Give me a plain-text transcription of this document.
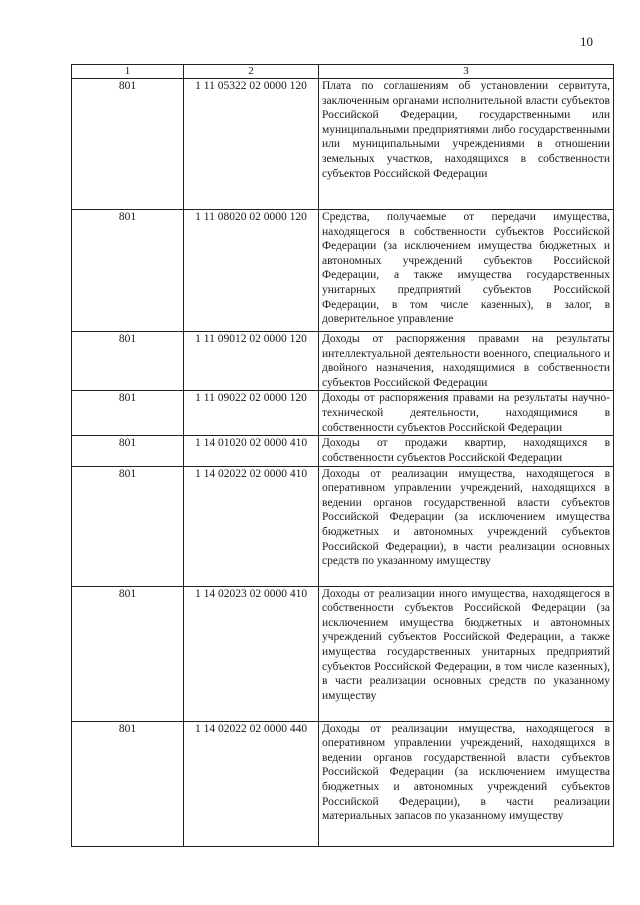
10
1	2	3
801	1 11 05322 02 0000 120	Плата по соглашениям об установлении сервитута, заключенным органами исполнительной власти субъектов Российской Федерации, государственными или муниципальными предприятиями либо государственными или муниципальными учреждениями в отношении земельных участков, находящихся в собственности субъектов Российской Федерации
801	1 11 08020 02 0000 120	Средства, получаемые от передачи имущества, находящегося в собственности субъектов Российской Федерации (за исключением имущества бюджетных и автономных учреждений субъектов Российской Федерации, а также имущества государственных унитарных предприятий субъектов Российской Федерации, в том числе казенных), в залог, в доверительное управление
801	1 11 09012 02 0000 120	Доходы от распоряжения правами на результаты интеллектуальной деятельности военного, специального и двойного назначения, находящимися в собственности субъектов Российской Федерации
801	1 11 09022 02 0000 120	Доходы от распоряжения правами на результаты научно-технической деятельности, находящимися в собственности субъектов Российской Федерации
801	1 14 01020 02 0000 410	Доходы от продажи квартир, находящихся в собственности субъектов Российской Федерации
801	1 14 02022 02 0000 410	Доходы от реализации имущества, находящегося в оперативном управлении учреждений, находящихся в ведении органов государственной власти субъектов Российской Федерации (за исключением имущества бюджетных и автономных учреждений субъектов Российской Федерации), в части реализации основных средств по указанному имуществу
801	1 14 02023 02 0000 410	Доходы от реализации иного имущества, находящегося в собственности субъектов Российской Федерации (за исключением имущества бюджетных и автономных учреждений субъектов Российской Федерации, а также имущества государственных унитарных предприятий субъектов Российской Федерации, в том числе казенных), в части реализации основных средств по указанному имуществу
801	1 14 02022 02 0000 440	Доходы от реализации имущества, находящегося в оперативном управлении учреждений, находящихся в ведении органов государственной власти субъектов Российской Федерации (за исключением имущества бюджетных и автономных учреждений субъектов Российской Федерации), в части реализации материальных запасов по указанному имуществу
